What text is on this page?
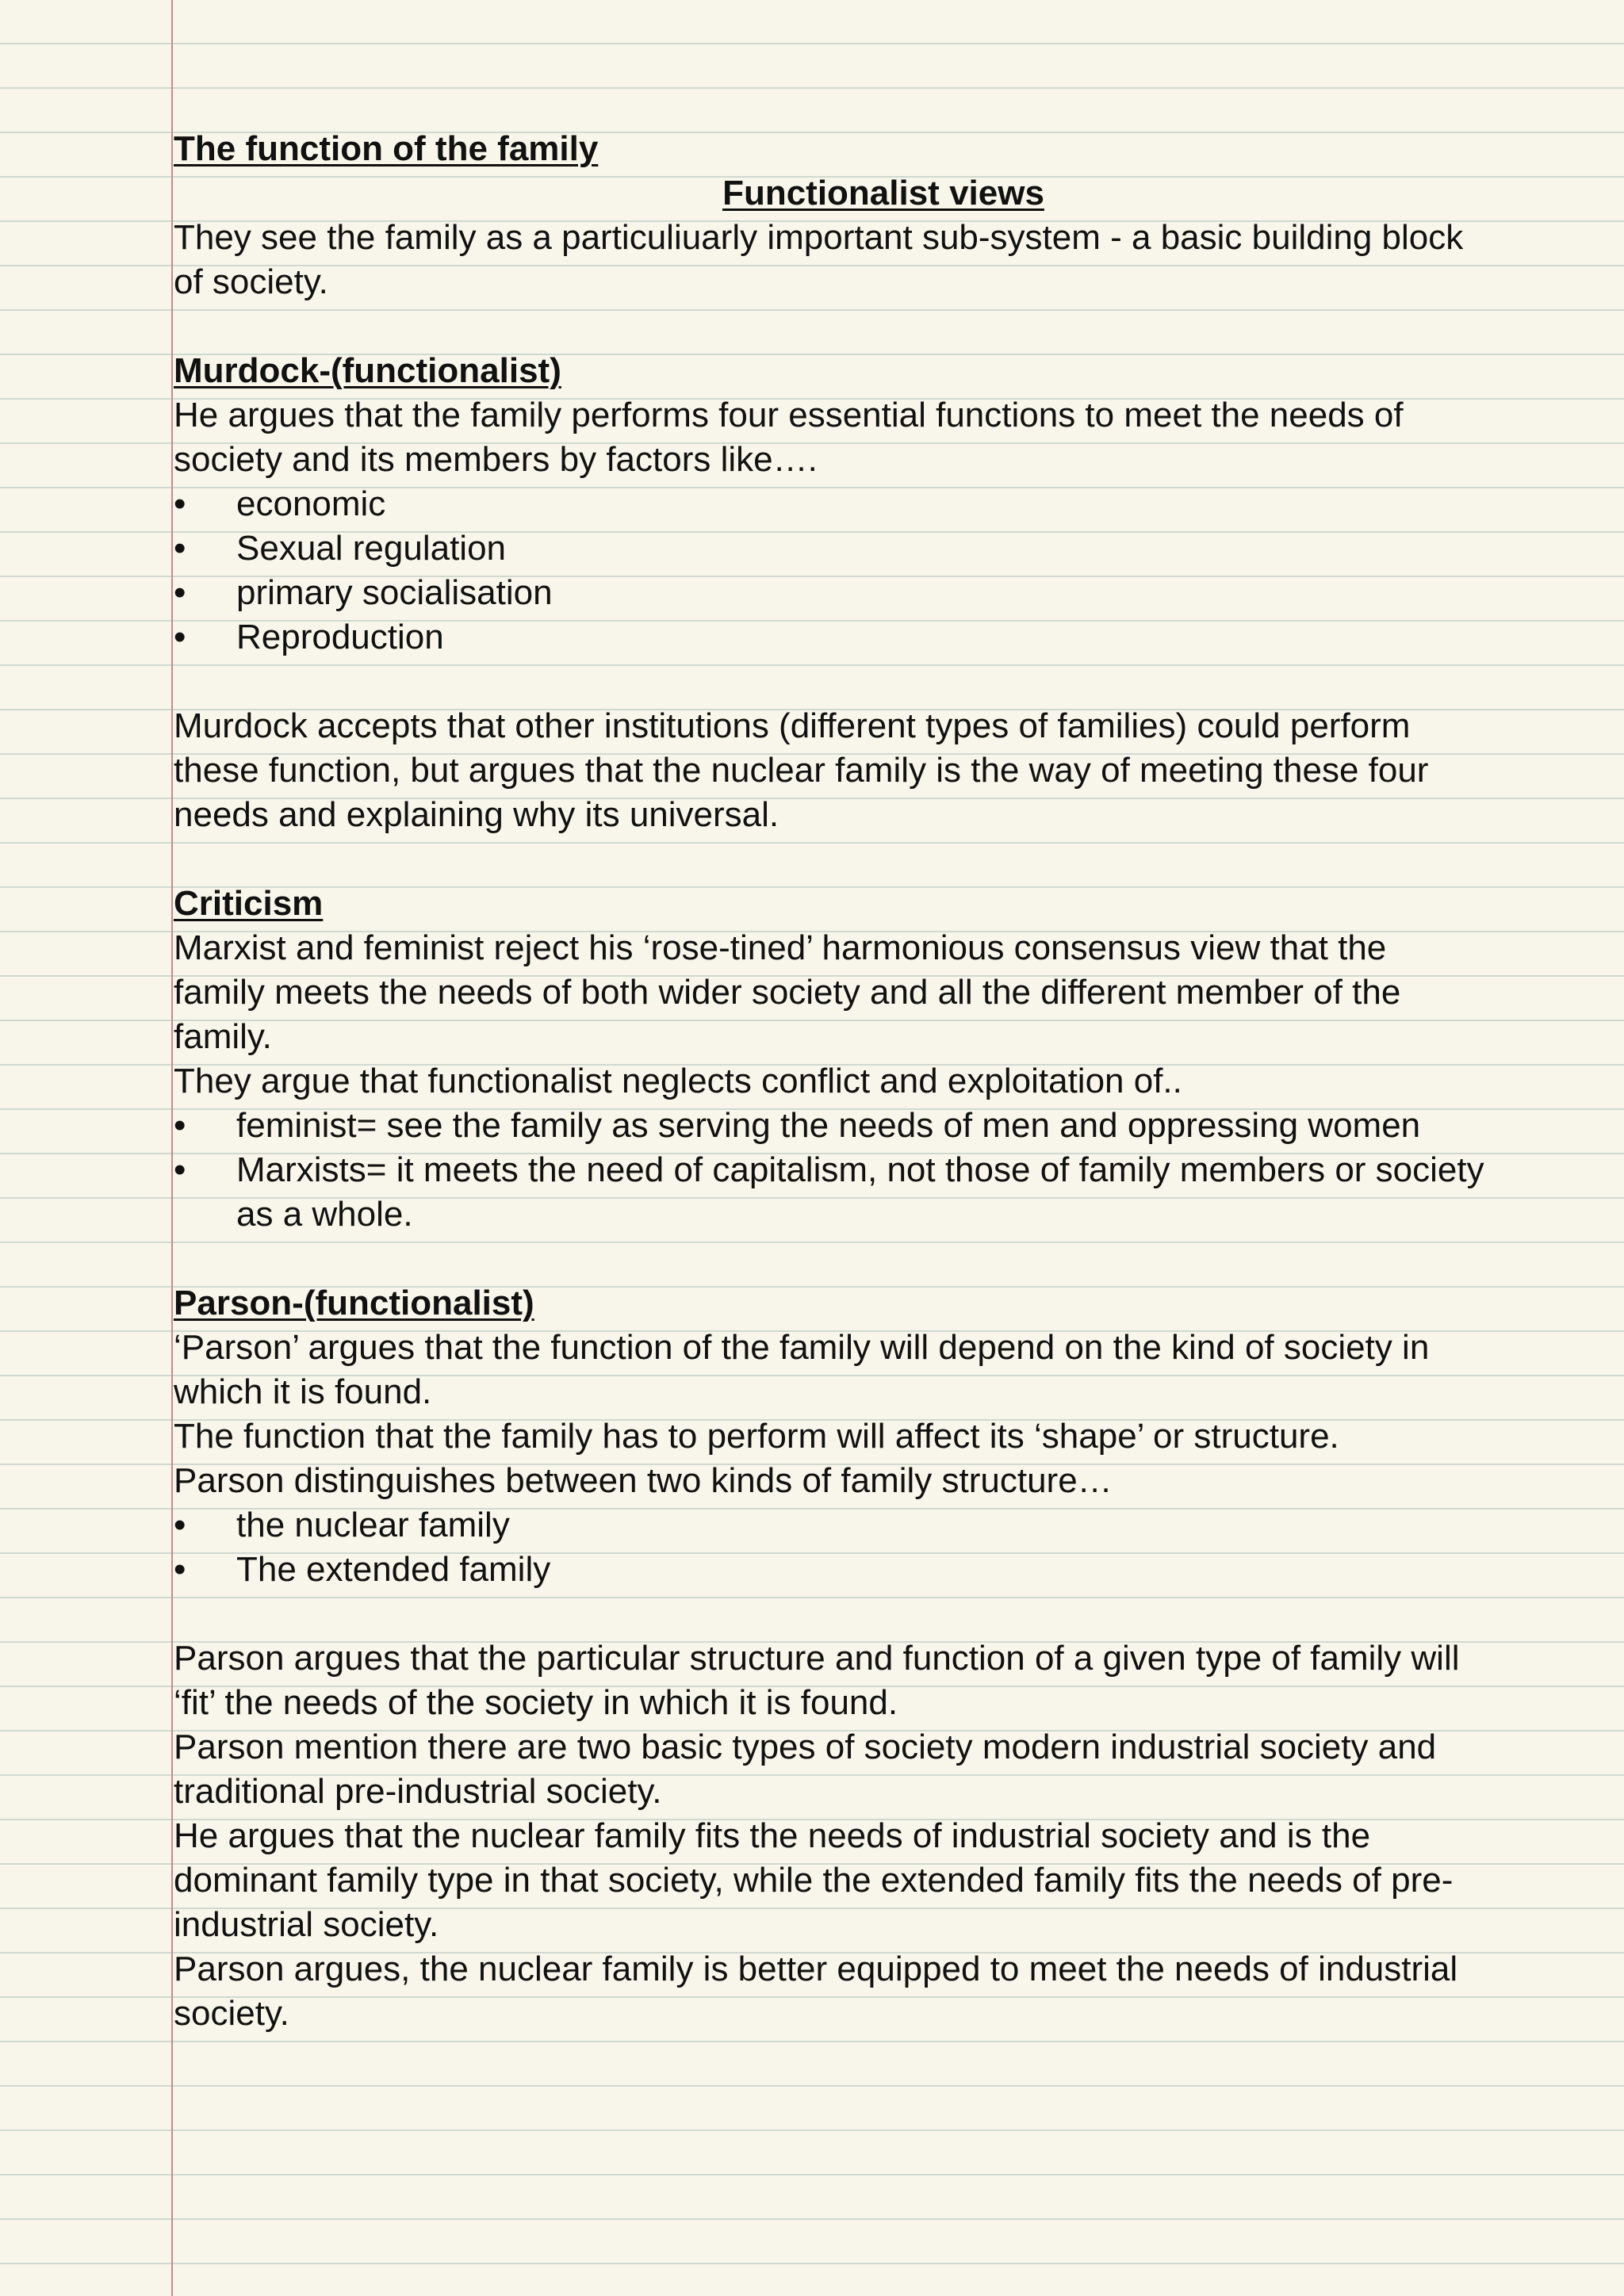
The function of the family
Functionalist views
They see the family as a particuliuarly important sub-system - a basic building block
of society.
Murdock-(functionalist)
He argues that the family performs four essential functions to meet the needs of
society and its members by factors like….
•	economic
•	Sexual regulation
•	primary socialisation
•	Reproduction
Murdock accepts that other institutions (different types of families) could perform
these function, but argues that the nuclear family is the way of meeting these four
needs and explaining why its universal.
Criticism
Marxist and feminist reject his ‘rose-tined’ harmonious consensus view that the
family meets the needs of both wider society and all the different member of the
family.
They argue that functionalist neglects conflict and exploitation of..
•	feminist= see the family as serving the needs of men and oppressing women
•	Marxists= it meets the need of capitalism, not those of family members or society
as a whole.
Parson-(functionalist)
‘Parson’ argues that the function of the family will depend on the kind of society in
which it is found.
The function that the family has to perform will affect its ‘shape’ or structure.
Parson distinguishes between two kinds of family structure…
•	the nuclear family
•	The extended family
Parson argues that the particular structure and function of a given type of family will
‘fit’ the needs of the society in which it is found.
Parson mention there are two basic types of society modern industrial society and
traditional pre-industrial society.
He argues that the nuclear family fits the needs of industrial society and is the
dominant family type in that society, while the extended family fits the needs of pre-
industrial society.
Parson argues, the nuclear family is better equipped to meet the needs of industrial
society.
